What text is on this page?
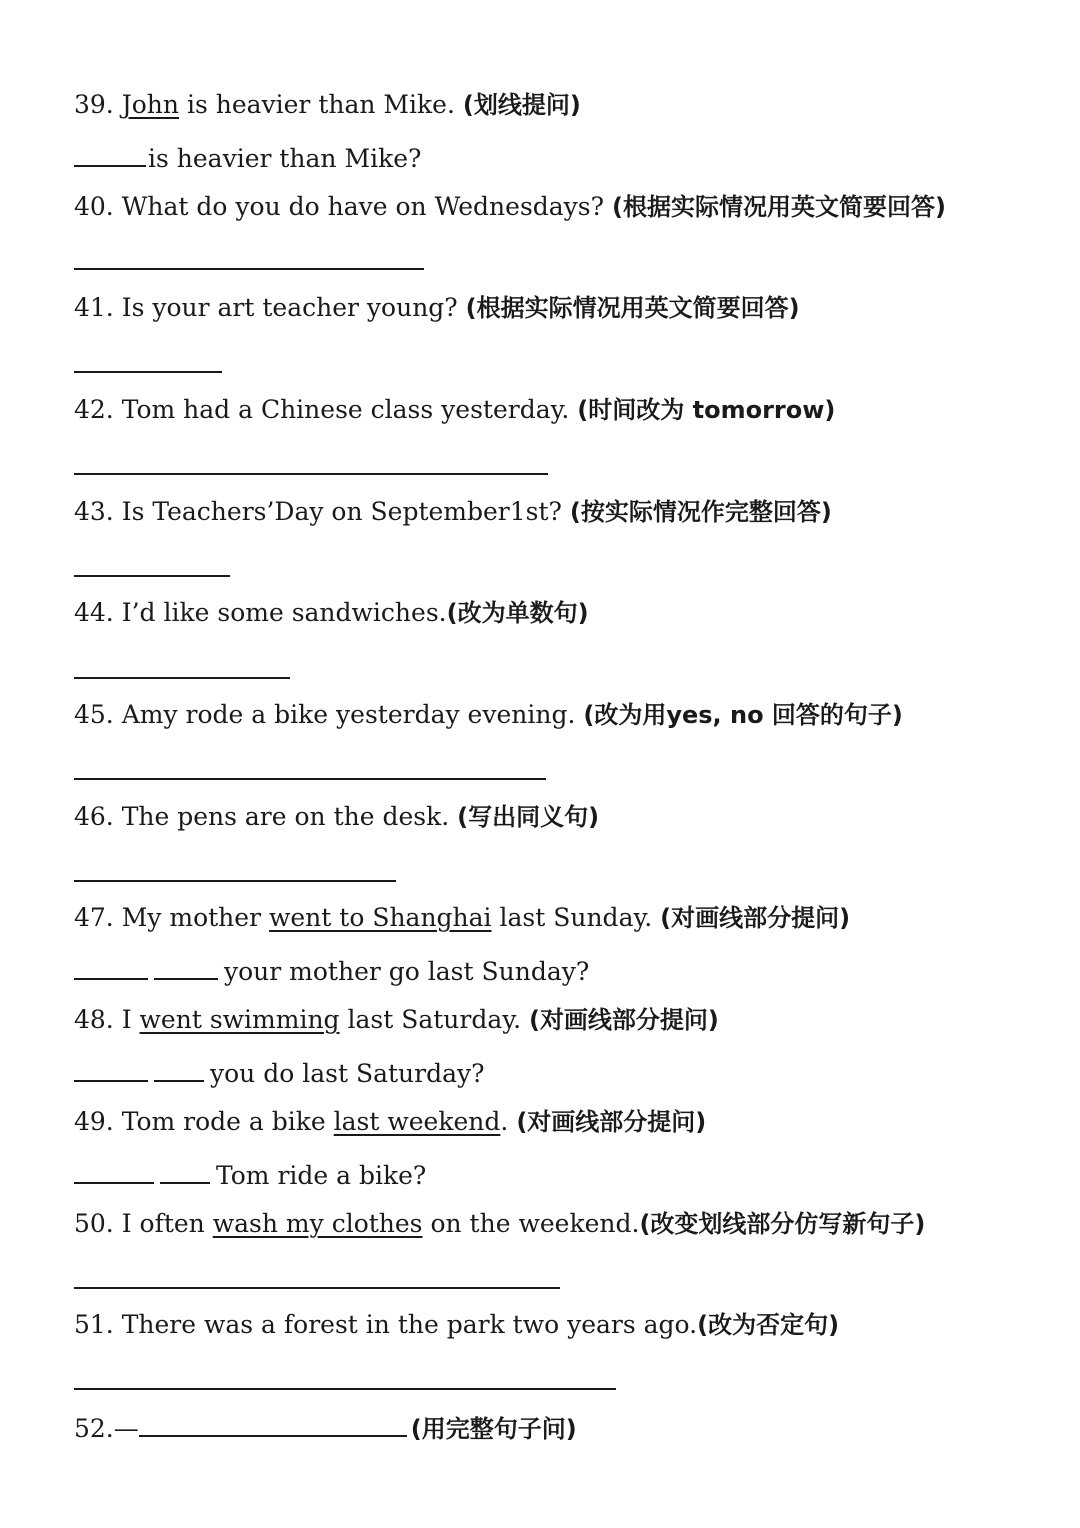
39. John is heavier than Mike. (划线提问)
is heavier than Mike?
40. What do you do have on Wednesdays? (根据实际情况用英文简要回答)
41. Is your art teacher young? (根据实际情况用英文简要回答)
42. Tom had a Chinese class yesterday. (时间改为 tomorrow)
43. Is Teachers’Day on September1st? (按实际情况作完整回答)
44. I’d like some sandwiches.(改为单数句)
45. Amy rode a bike yesterday evening. (改为用yes, no 回答的句子)
46. The pens are on the desk. (写出同义句)
47. My mother went to Shanghai last Sunday. (对画线部分提问)
your mother go last Sunday?
48. I went swimming last Saturday. (对画线部分提问)
you do last Saturday?
49. Tom rode a bike last weekend. (对画线部分提问)
Tom ride a bike?
50. I often wash my clothes on the weekend.(改变划线部分仿写新句子)
51. There was a forest in the park two years ago.(改为否定句)
52.—	(用完整句子问)
